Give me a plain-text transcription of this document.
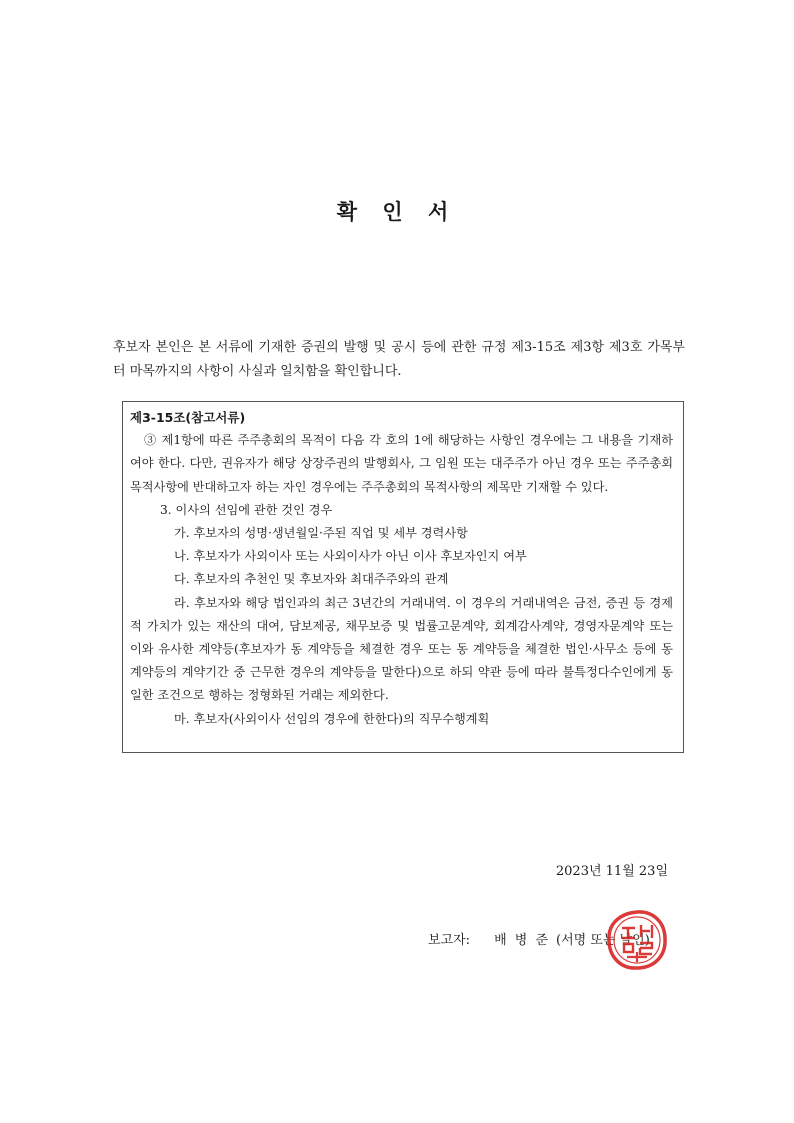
확 인 서
후보자 본인은 본 서류에 기재한 증권의 발행 및 공시 등에 관한 규정 제3-15조 제3항 제3호 가목부터 마목까지의 사항이 사실과 일치함을 확인합니다.

제3-15조(참고서류)

③ 제1항에 따른 주주총회의 목적이 다음 각 호의 1에 해당하는 사항인 경우에는 그 내용을 기재하여야 한다. 다만, 권유자가 해당 상장주권의 발행회사, 그 임원 또는 대주주가 아닌 경우 또는 주주총회 목적사항에 반대하고자 하는 자인 경우에는 주주총회의 목적사항의 제목만 기재할 수 있다.

3. 이사의 선임에 관한 것인 경우

가. 후보자의 성명·생년월일·주된 직업 및 세부 경력사항

나. 후보자가 사외이사 또는 사외이사가 아닌 이사 후보자인지 여부

다. 후보자의 추천인 및 후보자와 최대주주와의 관계

라. 후보자와 해당 법인과의 최근 3년간의 거래내역. 이 경우의 거래내역은 금전, 증권 등 경제적 가치가 있는 재산의 대여, 담보제공, 채무보증 및 법률고문계약, 회계감사계약, 경영자문계약 또는 이와 유사한 계약등(후보자가 동 계약등을 체결한 경우 또는 동 계약등을 체결한 법인·사무소 등에 동 계약등의 계약기간 중 근무한 경우의 계약등을 말한다)으로 하되 약관 등에 따라 불특정다수인에게 동일한 조건으로 행하는 정형화된 거래는 제외한다.

마. 후보자(사외이사 선임의 경우에 한한다)의 직무수행계획

2023년 11월 23일
보고자: 배 병 준 (서명 또는 날인)
